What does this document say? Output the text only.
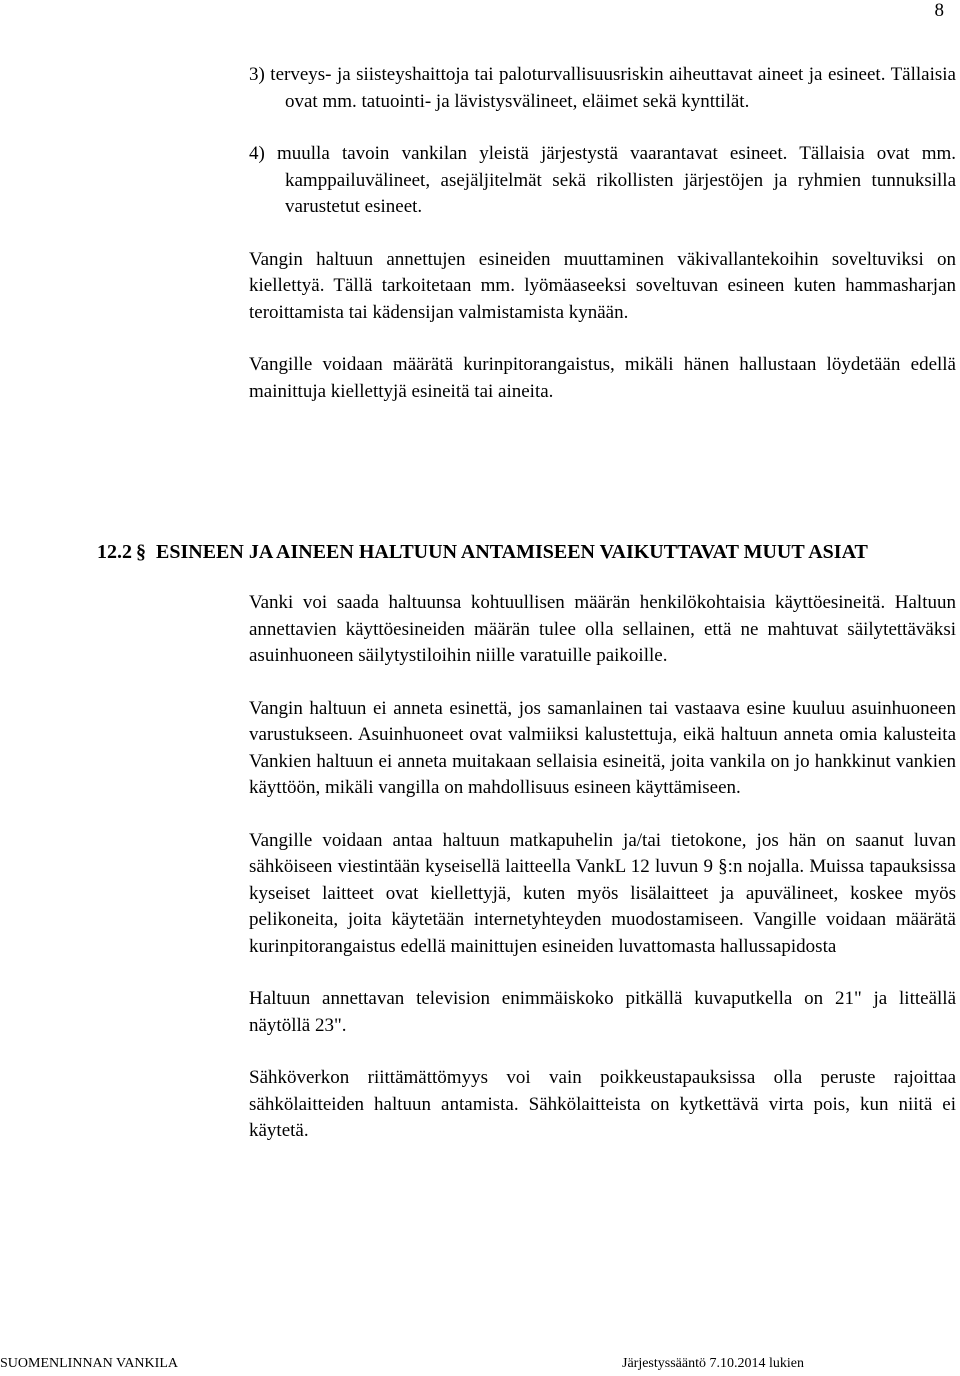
8

3) terveys- ja siisteyshaittoja tai paloturvallisuusriskin aiheuttavat aineet ja esineet. Tällaisia ovat mm. tatuointi- ja lävistysvälineet, eläimet sekä kynttilät.

4) muulla tavoin vankilan yleistä järjestystä vaarantavat esineet. Tällaisia ovat mm. kamppailuvälineet, asejäljitelmät sekä rikollisten järjestöjen ja ryhmien tunnuksilla varustetut esineet.

Vangin haltuun annettujen esineiden muuttaminen väkivallantekoihin soveltuviksi on kiellettyä. Tällä tarkoitetaan mm. lyömäaseeksi soveltuvan esineen kuten hammasharjan teroittamista tai kädensijan valmistamista kynään.

Vangille voidaan määrätä kurinpitorangaistus, mikäli hänen hallustaan löydetään edellä mainittuja kiellettyjä esineitä tai aineita.

12.2 § ESINEEN JA AINEEN HALTUUN ANTAMISEEN VAIKUTTAVAT MUUT ASIAT

Vanki voi saada haltuunsa kohtuullisen määrän henkilökohtaisia käyttöesineitä. Haltuun annettavien käyttöesineiden määrän tulee olla sellainen, että ne mahtuvat säilytettäväksi asuinhuoneen säilytystiloihin niille varatuille paikoille.

Vangin haltuun ei anneta esinettä, jos samanlainen tai vastaava esine kuuluu asuinhuoneen varustukseen. Asuinhuoneet ovat valmiiksi kalustettuja, eikä haltuun anneta omia kalusteita Vankien haltuun ei anneta muitakaan sellaisia esineitä, joita vankila on jo hankkinut vankien käyttöön, mikäli vangilla on mahdollisuus esineen käyttämiseen.

Vangille voidaan antaa haltuun matkapuhelin ja/tai tietokone, jos hän on saanut luvan sähköiseen viestintään kyseisellä laitteella VankL 12 luvun 9 §:n nojalla. Muissa tapauksissa kyseiset laitteet ovat kiellettyjä, kuten myös lisälaitteet ja apuvälineet, koskee myös pelikoneita, joita käytetään internetyhteyden muodostamiseen. Vangille voidaan määrätä kurinpitorangaistus edellä mainittujen esineiden luvattomasta hallussapidosta

Haltuun annettavan television enimmäiskoko pitkällä kuvaputkella on 21" ja litteällä näytöllä 23".

Sähköverkon riittämättömyys voi vain poikkeustapauksissa olla peruste rajoittaa sähkölaitteiden haltuun antamista. Sähkölaitteista on kytkettävä virta pois, kun niitä ei käytetä.

SUOMENLINNAN VANKILA	Järjestyssääntö 7.10.2014 lukien
